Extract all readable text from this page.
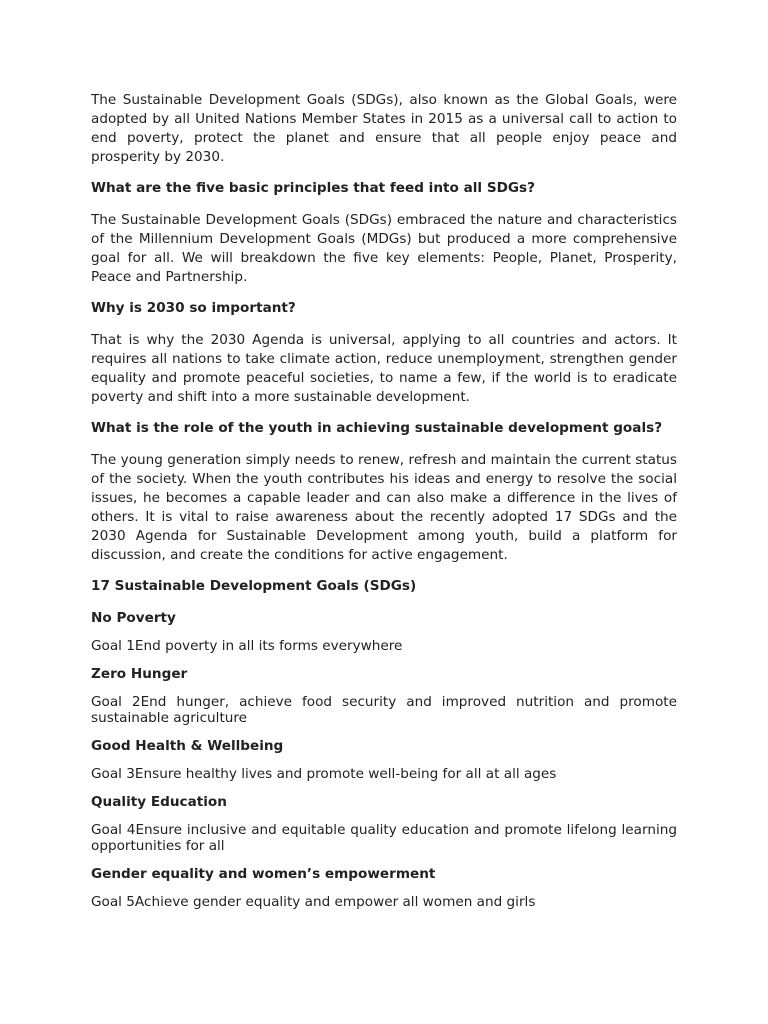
The Sustainable Development Goals (SDGs), also known as the Global Goals, were adopted by all United Nations Member States in 2015 as a universal call to action to end poverty, protect the planet and ensure that all people enjoy peace and prosperity by 2030.

What are the five basic principles that feed into all SDGs?

The Sustainable Development Goals (SDGs) embraced the nature and characteristics of the Millennium Development Goals (MDGs) but produced a more comprehensive goal for all. We will breakdown the five key elements: People, Planet, Prosperity, Peace and Partnership.

Why is 2030 so important?

That is why the 2030 Agenda is universal, applying to all countries and actors. It requires all nations to take climate action, reduce unemployment, strengthen gender equality and promote peaceful societies, to name a few, if the world is to eradicate poverty and shift into a more sustainable development.

What is the role of the youth in achieving sustainable development goals?

The young generation simply needs to renew, refresh and maintain the current status of the society. When the youth contributes his ideas and energy to resolve the social issues, he becomes a capable leader and can also make a difference in the lives of others. It is vital to raise awareness about the recently adopted 17 SDGs and the 2030 Agenda for Sustainable Development among youth, build a platform for discussion, and create the conditions for active engagement.

17 Sustainable Development Goals (SDGs)
No Poverty

Goal 1End poverty in all its forms everywhere

Zero Hunger

Goal 2End hunger, achieve food security and improved nutrition and promote sustainable agriculture

Good Health & Wellbeing

Goal 3Ensure healthy lives and promote well-being for all at all ages

Quality Education

Goal 4Ensure inclusive and equitable quality education and promote lifelong learning opportunities for all

Gender equality and women’s empowerment

Goal 5Achieve gender equality and empower all women and girls
